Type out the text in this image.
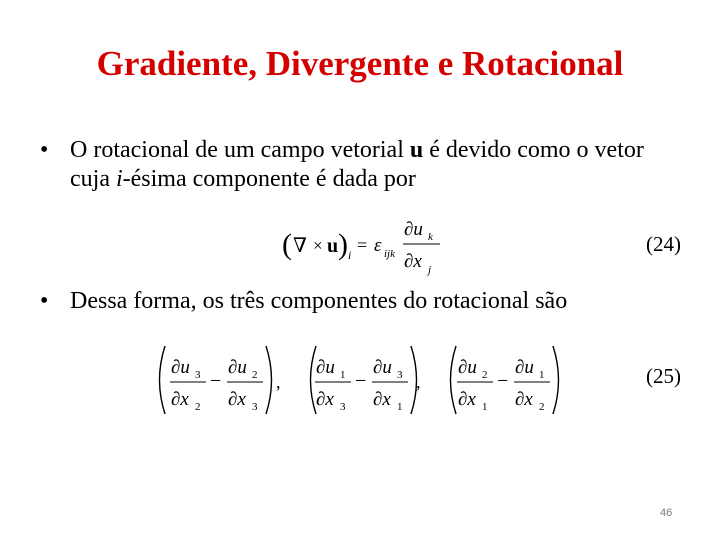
Gradiente, Divergente e Rotacional
• O rotacional de um campo vetorial u é devido como o vetor cuja i-ésima componente é dada por
( ∇ × u ) i = ε ijk
∂u k
∂x j
(24)
• Dessa forma, os três componentes do rotacional são
∂u 3
∂x 2
−
∂u 2
∂x 3
,
∂u 1
∂x 3
−
∂u 3
∂x 1
,
∂u 2
∂x 1
−
∂u 1
∂x 2
(25)
46
